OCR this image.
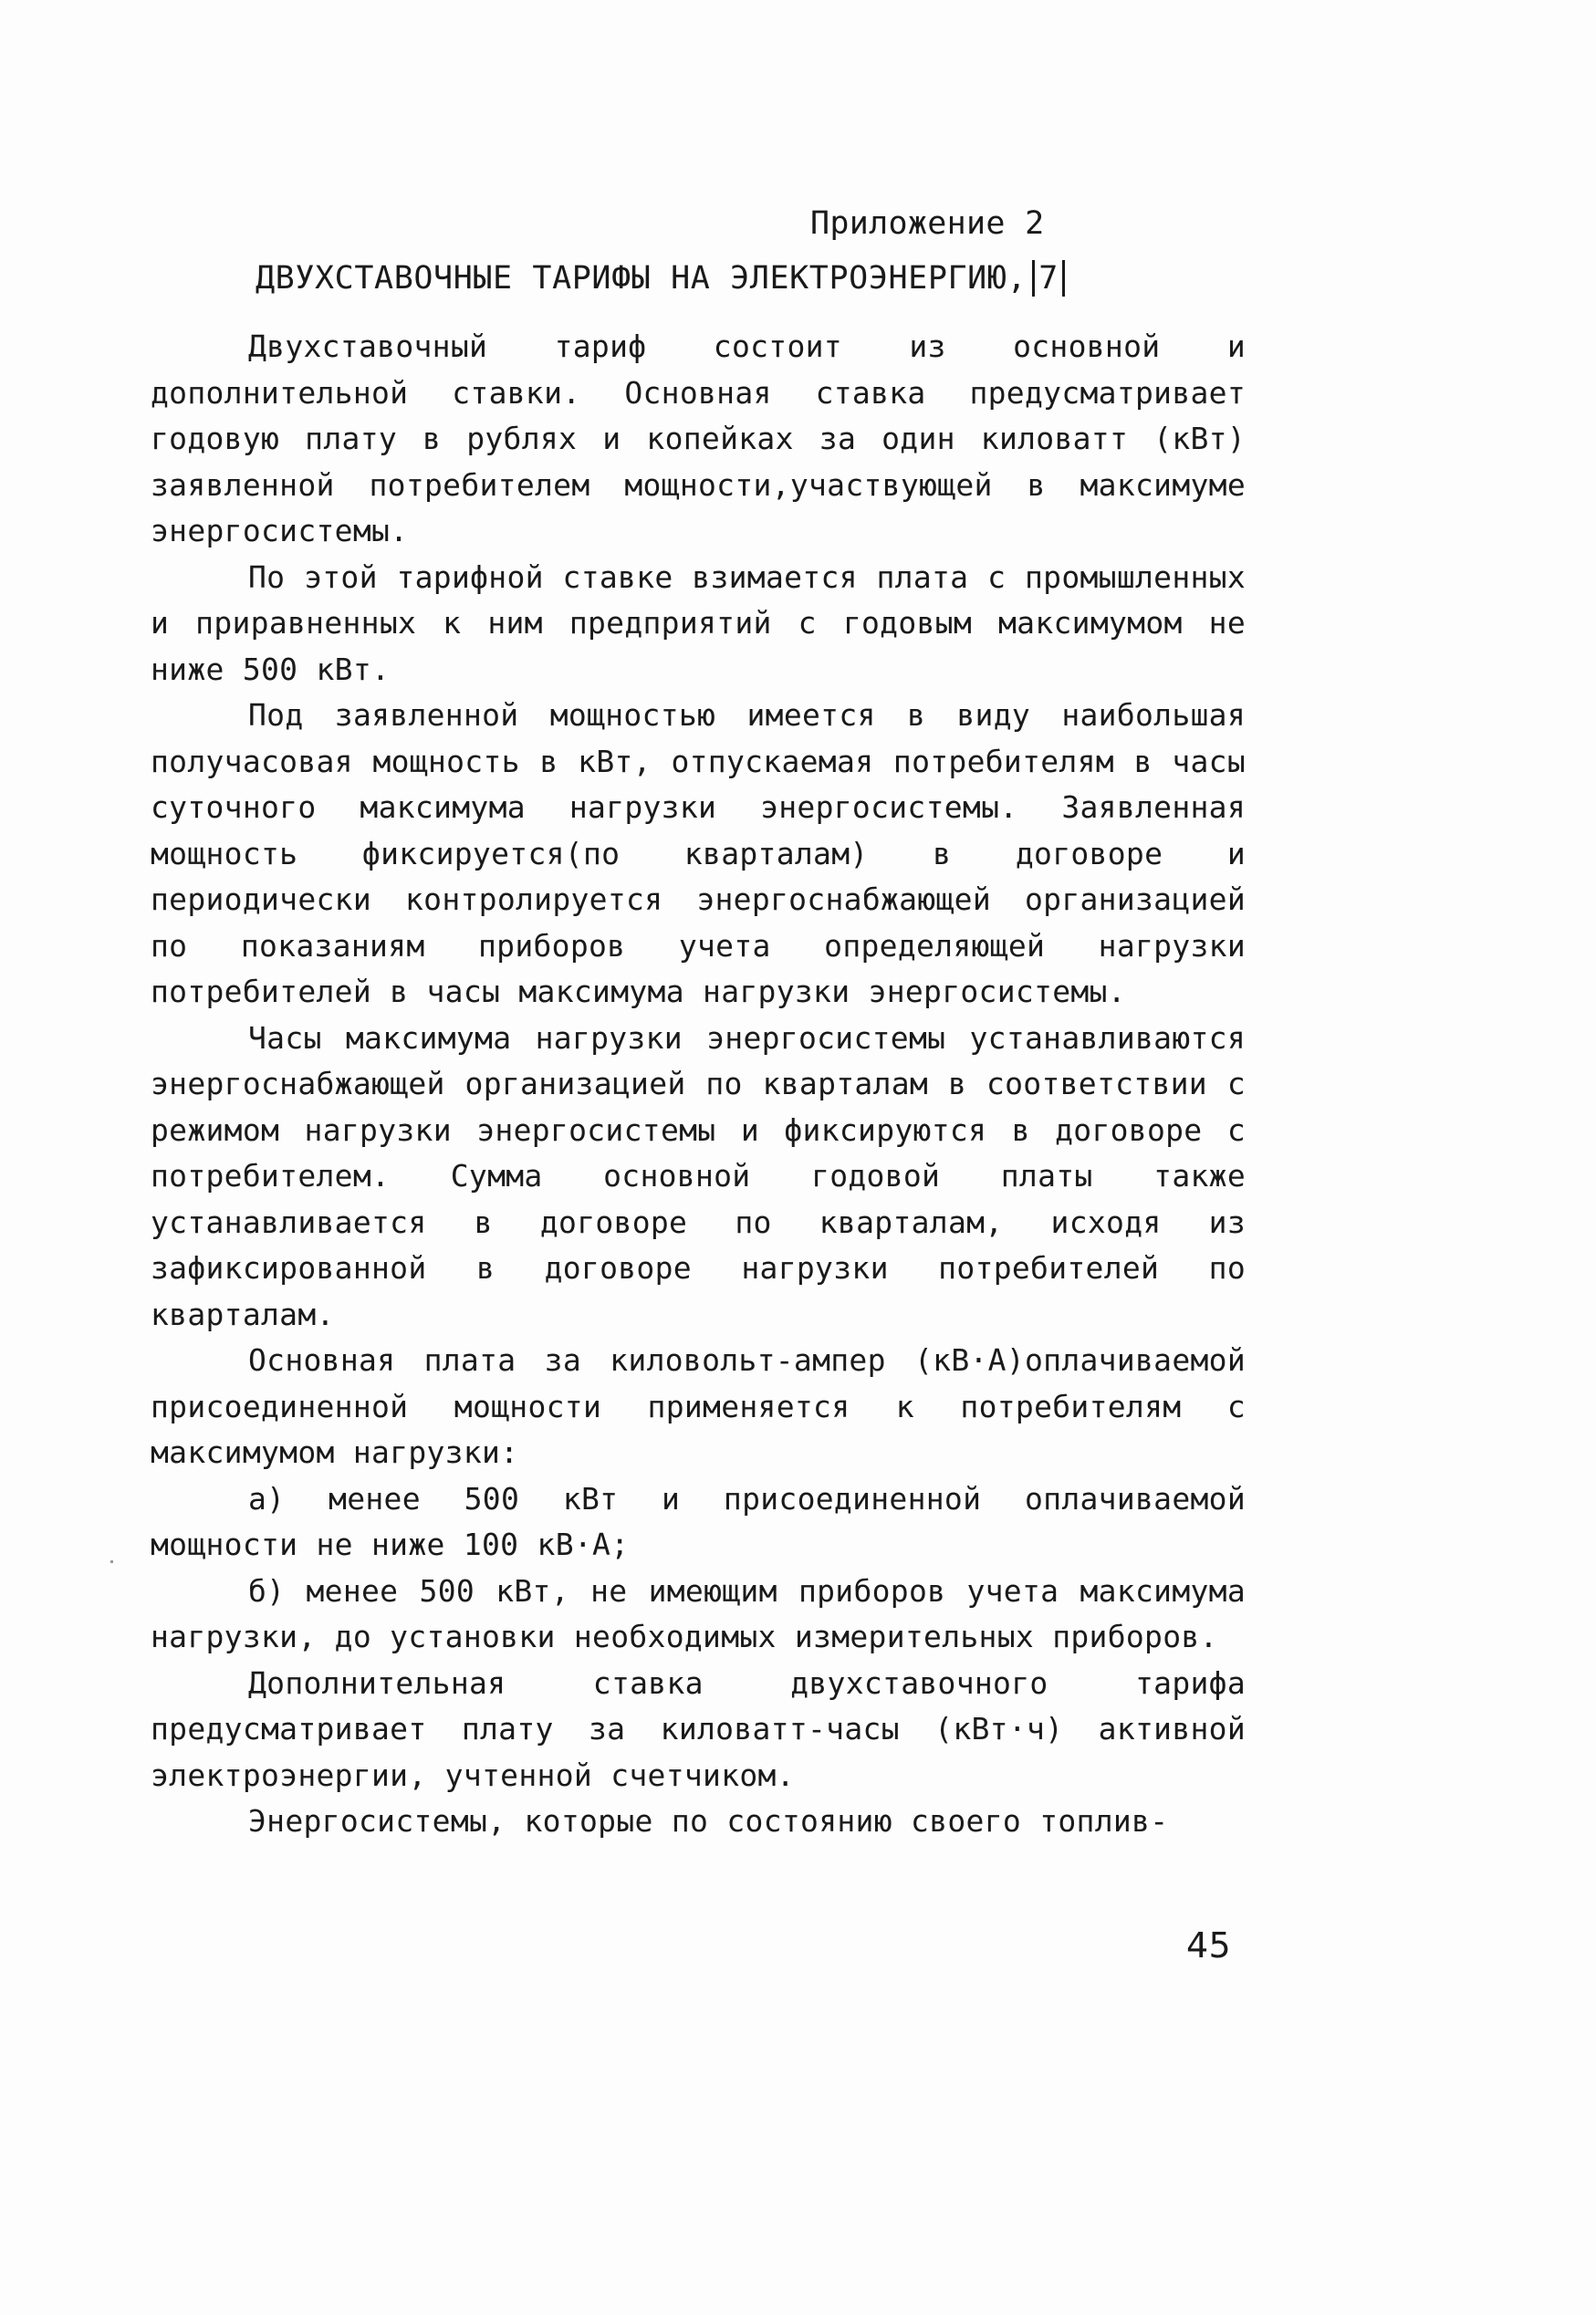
Приложение 2
ДВУХСТАВОЧНЫЕ ТАРИФЫ НА ЭЛЕКТРОЭНЕРГИЮ, 7

Двухставочный тариф состоит из основной и дополнительной ставки. Основная ставка предусматривает годовую плату в рублях и копейках за один киловатт (кВт) заявленной потребителем мощности,участвующей в максимуме энергосистемы.

По этой тарифной ставке взимается плата с промышленных и приравненных к ним предприятий с годовым максимумом не ниже 500 кВт.

Под заявленной мощностью имеется в виду наибольшая получасовая мощность в кВт, отпускаемая потребителям в часы суточного максимума нагрузки энергосистемы. Заявленная мощность фиксируется(по кварталам) в договоре и периодически контролируется энергоснабжающей организацией по показаниям приборов учета определяющей нагрузки потребителей в часы максимума нагрузки энергосистемы.

Часы максимума нагрузки энергосистемы устанавливаются энергоснабжающей организацией по кварталам в соответствии с режимом нагрузки энергосистемы и фиксируются в договоре с потребителем. Сумма основной годовой платы также устанавливается в договоре по кварталам, исходя из зафиксированной в договоре нагрузки потребителей по кварталам.

Основная плата за киловольт-ампер (кВ·А)оплачиваемой присоединенной мощности применяется к потребителям с максимумом нагрузки:

а) менее 500 кВт и присоединенной оплачиваемой мощности не ниже 100 кВ·А;

б) менее 500 кВт, не имеющим приборов учета максимума нагрузки, до установки необходимых измерительных приборов.

Дополнительная ставка двухставочного тарифа предусматривает плату за киловатт-часы (кВт·ч) активной электроэнергии, учтенной счетчиком.

Энергосистемы, которые по состоянию своего топлив-

45
